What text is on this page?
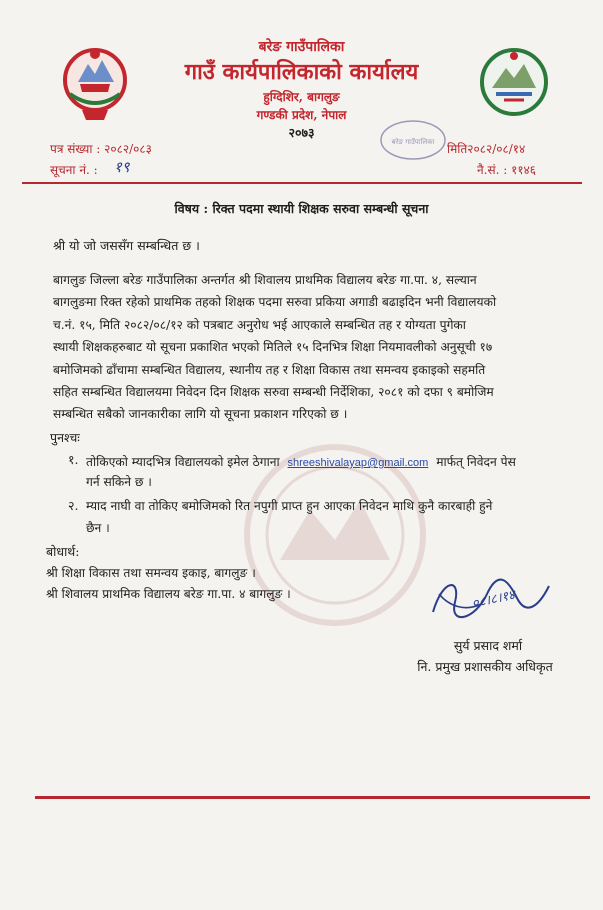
बरेङ गाउँपालिका
गाउँ कार्यपालिकाको कार्यालय
हुग्दिशिर, बागलुङ
गण्डकी प्रदेश, नेपाल
२०७३
बरेङ गाउँपालिका
पत्र संख्या : २०८२/०८३	मिति२०८२/०८/१४
सूचना नं. : १९	नै.सं. : ११४६
विषय : रिक्त पदमा स्थायी शिक्षक सरुवा सम्बन्धी सूचना
श्री यो जो जससँग सम्बन्धित छ ।
बागलुङ जिल्ला बरेङ गाउँपालिका अन्तर्गत श्री शिवालय प्राथमिक विद्यालय बरेङ गा.पा. ४, सल्यान
बागलुङमा रिक्त रहेको प्राथमिक तहको शिक्षक पदमा सरुवा प्रकिया अगाडी बढाइदिन भनी विद्यालयको
च.नं. १५, मिति २०८२/०८/१२ को पत्रबाट अनुरोध भई आएकाले सम्बन्धित तह र योग्यता पुगेका
स्थायी शिक्षकहरुबाट यो सूचना प्रकाशित भएको मितिले १५ दिनभित्र शिक्षा नियमावलीको अनुसूची १७
बमोजिमको ढाँचामा सम्बन्धित विद्यालय, स्थानीय तह र शिक्षा विकास तथा समन्वय इकाइको सहमति
सहित सम्बन्धित विद्यालयमा निवेदन दिन शिक्षक सरुवा सम्बन्धी निर्देशिका, २०८१ को दफा ९ बमोजिम
सम्बन्धित सबैको जानकारीका लागि यो सूचना प्रकाशन गरिएको छ ।
पुनश्चः
१. तोकिएको म्यादभित्र विद्यालयको इमेल ठेगाना shreeshivalayap@gmail.com मार्फत् निवेदन पेस
गर्न सकिने छ ।
२. म्याद नाघी वा तोकिए बमोजिमको रित नपुगी प्राप्त हुन आएका निवेदन माथि कुनै कारबाही हुने
छैन ।
बोधार्थ:
श्री शिक्षा विकास तथा समन्वय इकाइ, बागलुङ ।
श्री शिवालय प्राथमिक विद्यालय बरेङ गा.पा. ४ बागलुङ ।	०८।८।१४
सुर्य प्रसाद शर्मा
नि. प्रमुख प्रशासकीय अधिकृत
